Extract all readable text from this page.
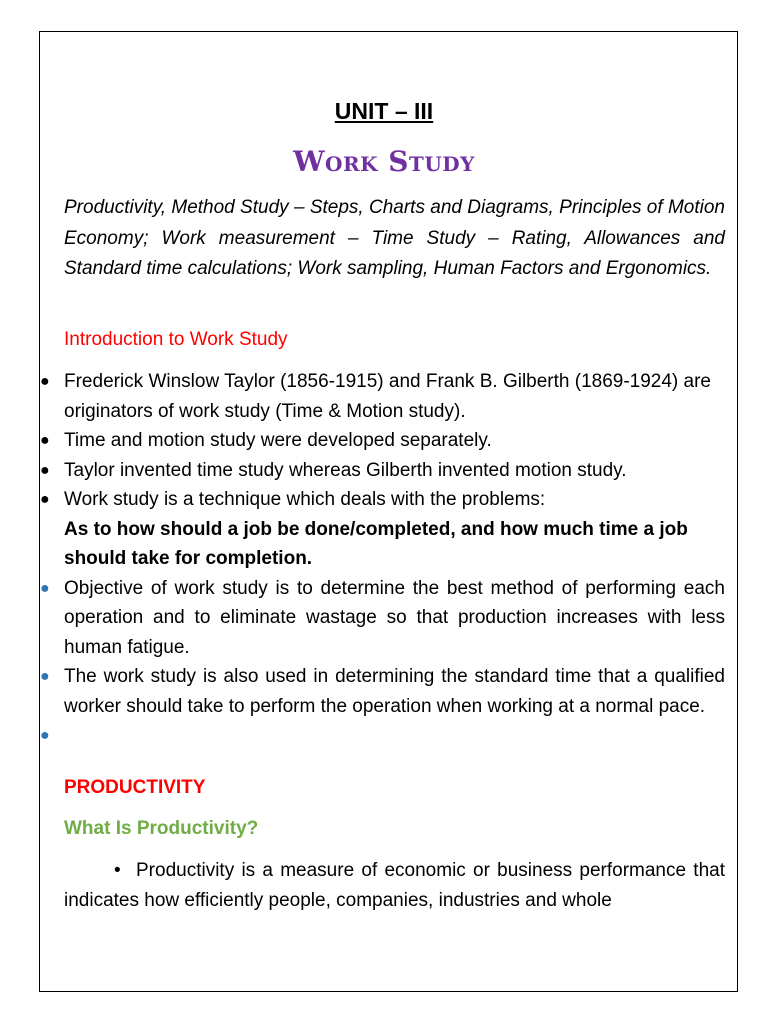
UNIT – III
Work Study
Productivity, Method Study – Steps, Charts and Diagrams, Principles of Motion Economy; Work measurement – Time Study – Rating, Allowances and Standard time calculations; Work sampling, Human Factors and Ergonomics.
Introduction to Work Study
● Frederick Winslow Taylor (1856-1915) and Frank B. Gilberth (1869-1924) are originators of work study (Time & Motion study).
● Time and motion study were developed separately.
● Taylor invented time study whereas Gilberth invented motion study.
● Work study is a technique which deals with the problems:
As to how should a job be done/completed, and how much time a job should take for completion.
● Objective of work study is to determine the best method of performing each operation and to eliminate wastage so that production increases with less human fatigue.
● The work study is also used in determining the standard time that a qualified worker should take to perform the operation when working at a normal pace.
●
PRODUCTIVITY
What Is Productivity?
• Productivity is a measure of economic or business performance that indicates how efficiently people, companies, industries and whole
